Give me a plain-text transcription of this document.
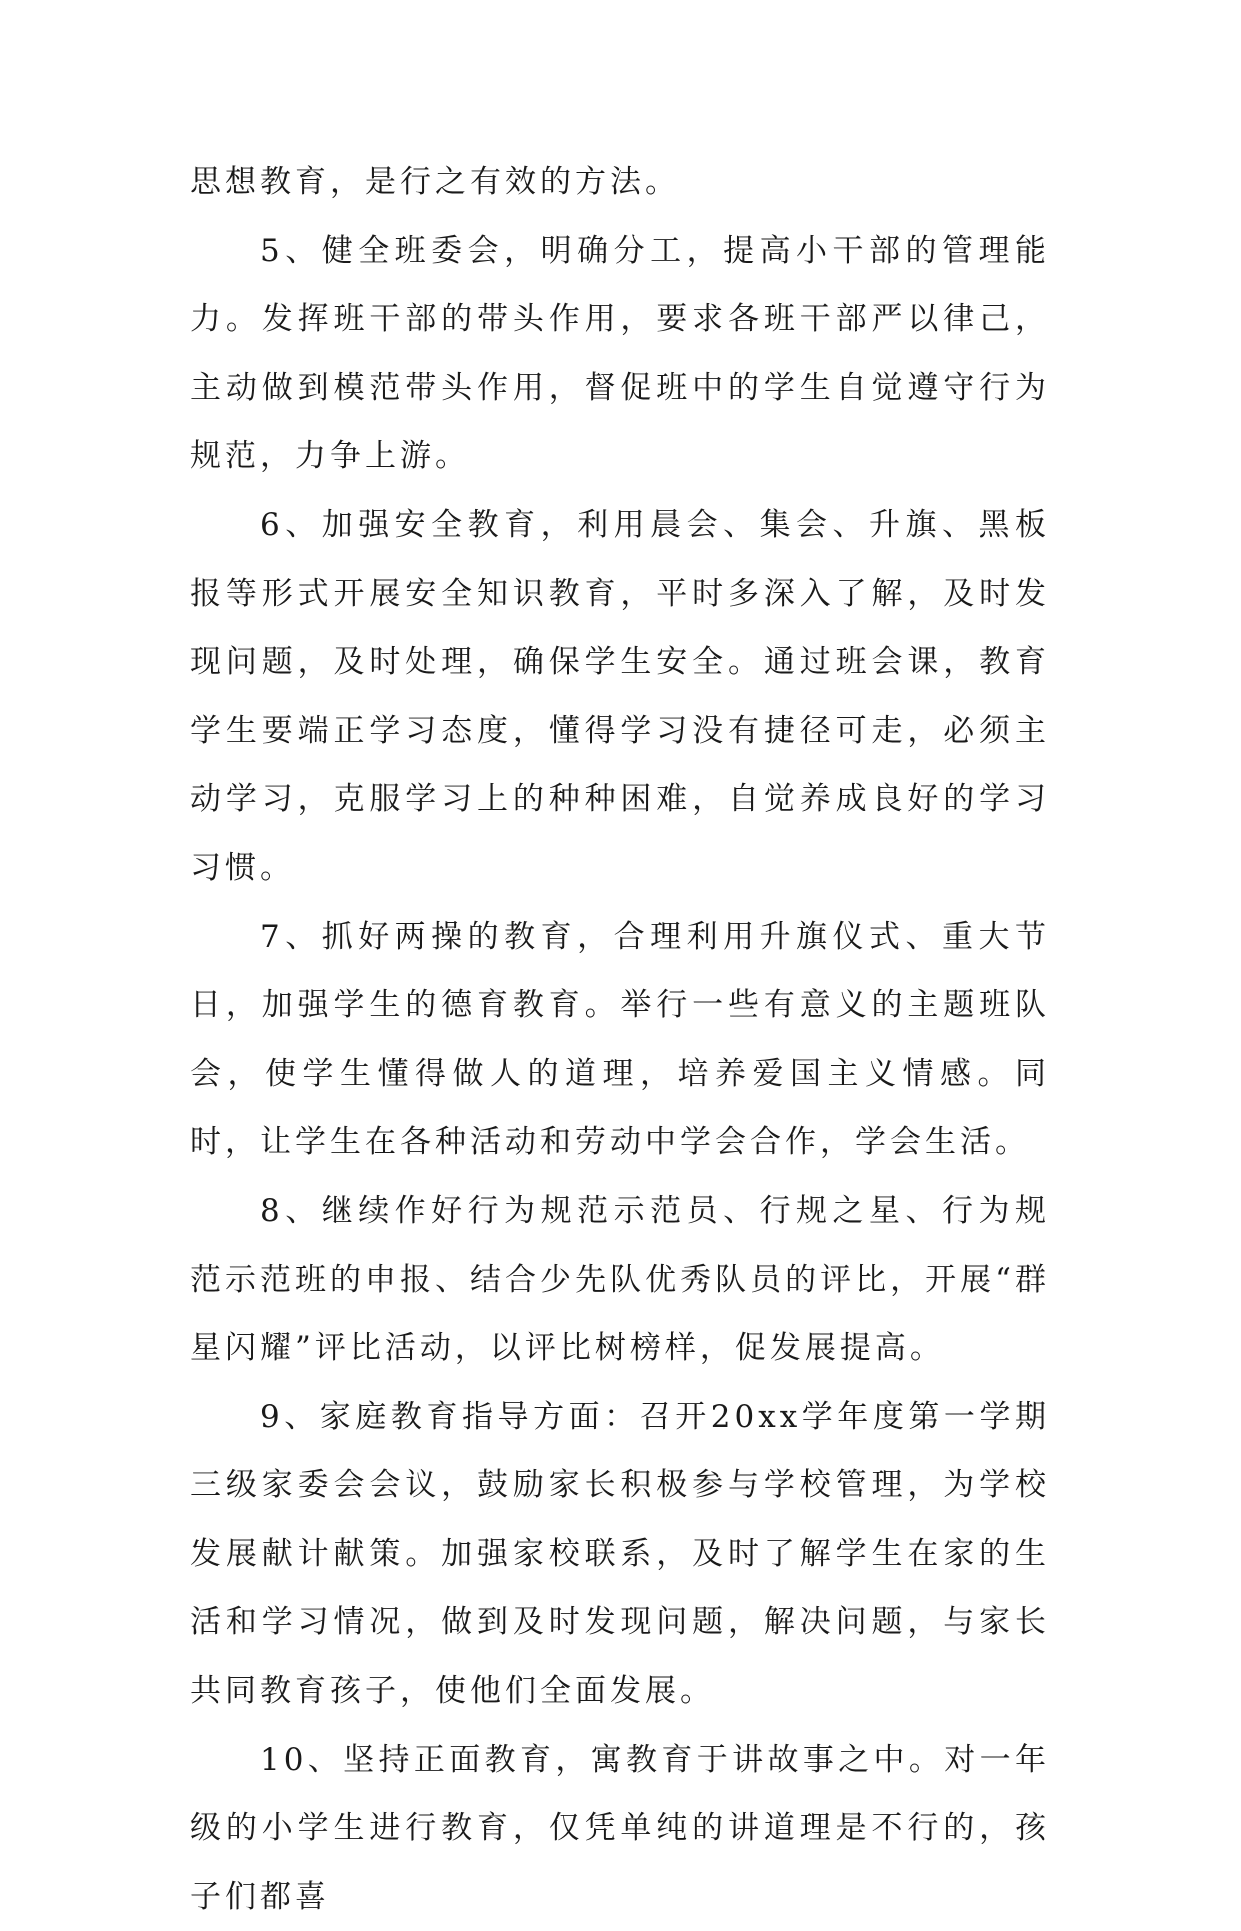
思想教育，是行之有效的方法。

5、健全班委会，明确分工，提高小干部的管理能力。发挥班干部的带头作用，要求各班干部严以律己，主动做到模范带头作用，督促班中的学生自觉遵守行为规范，力争上游。

6、加强安全教育，利用晨会、集会、升旗、黑板报等形式开展安全知识教育，平时多深入了解，及时发现问题，及时处理，确保学生安全。通过班会课，教育学生要端正学习态度，懂得学习没有捷径可走，必须主动学习，克服学习上的种种困难，自觉养成良好的学习习惯。

7、抓好两操的教育，合理利用升旗仪式、重大节日，加强学生的德育教育。举行一些有意义的主题班队会，使学生懂得做人的道理，培养爱国主义情感。同时，让学生在各种活动和劳动中学会合作，学会生活。

8、继续作好行为规范示范员、行规之星、行为规范示范班的申报、结合少先队优秀队员的评比，开展“群星闪耀”评比活动，以评比树榜样，促发展提高。

9、家庭教育指导方面：召开20xx学年度第一学期三级家委会会议，鼓励家长积极参与学校管理，为学校发展献计献策。加强家校联系，及时了解学生在家的生活和学习情况，做到及时发现问题，解决问题，与家长共同教育孩子，使他们全面发展。

10、坚持正面教育，寓教育于讲故事之中。对一年级的小学生进行教育，仅凭单纯的讲道理是不行的，孩子们都喜
